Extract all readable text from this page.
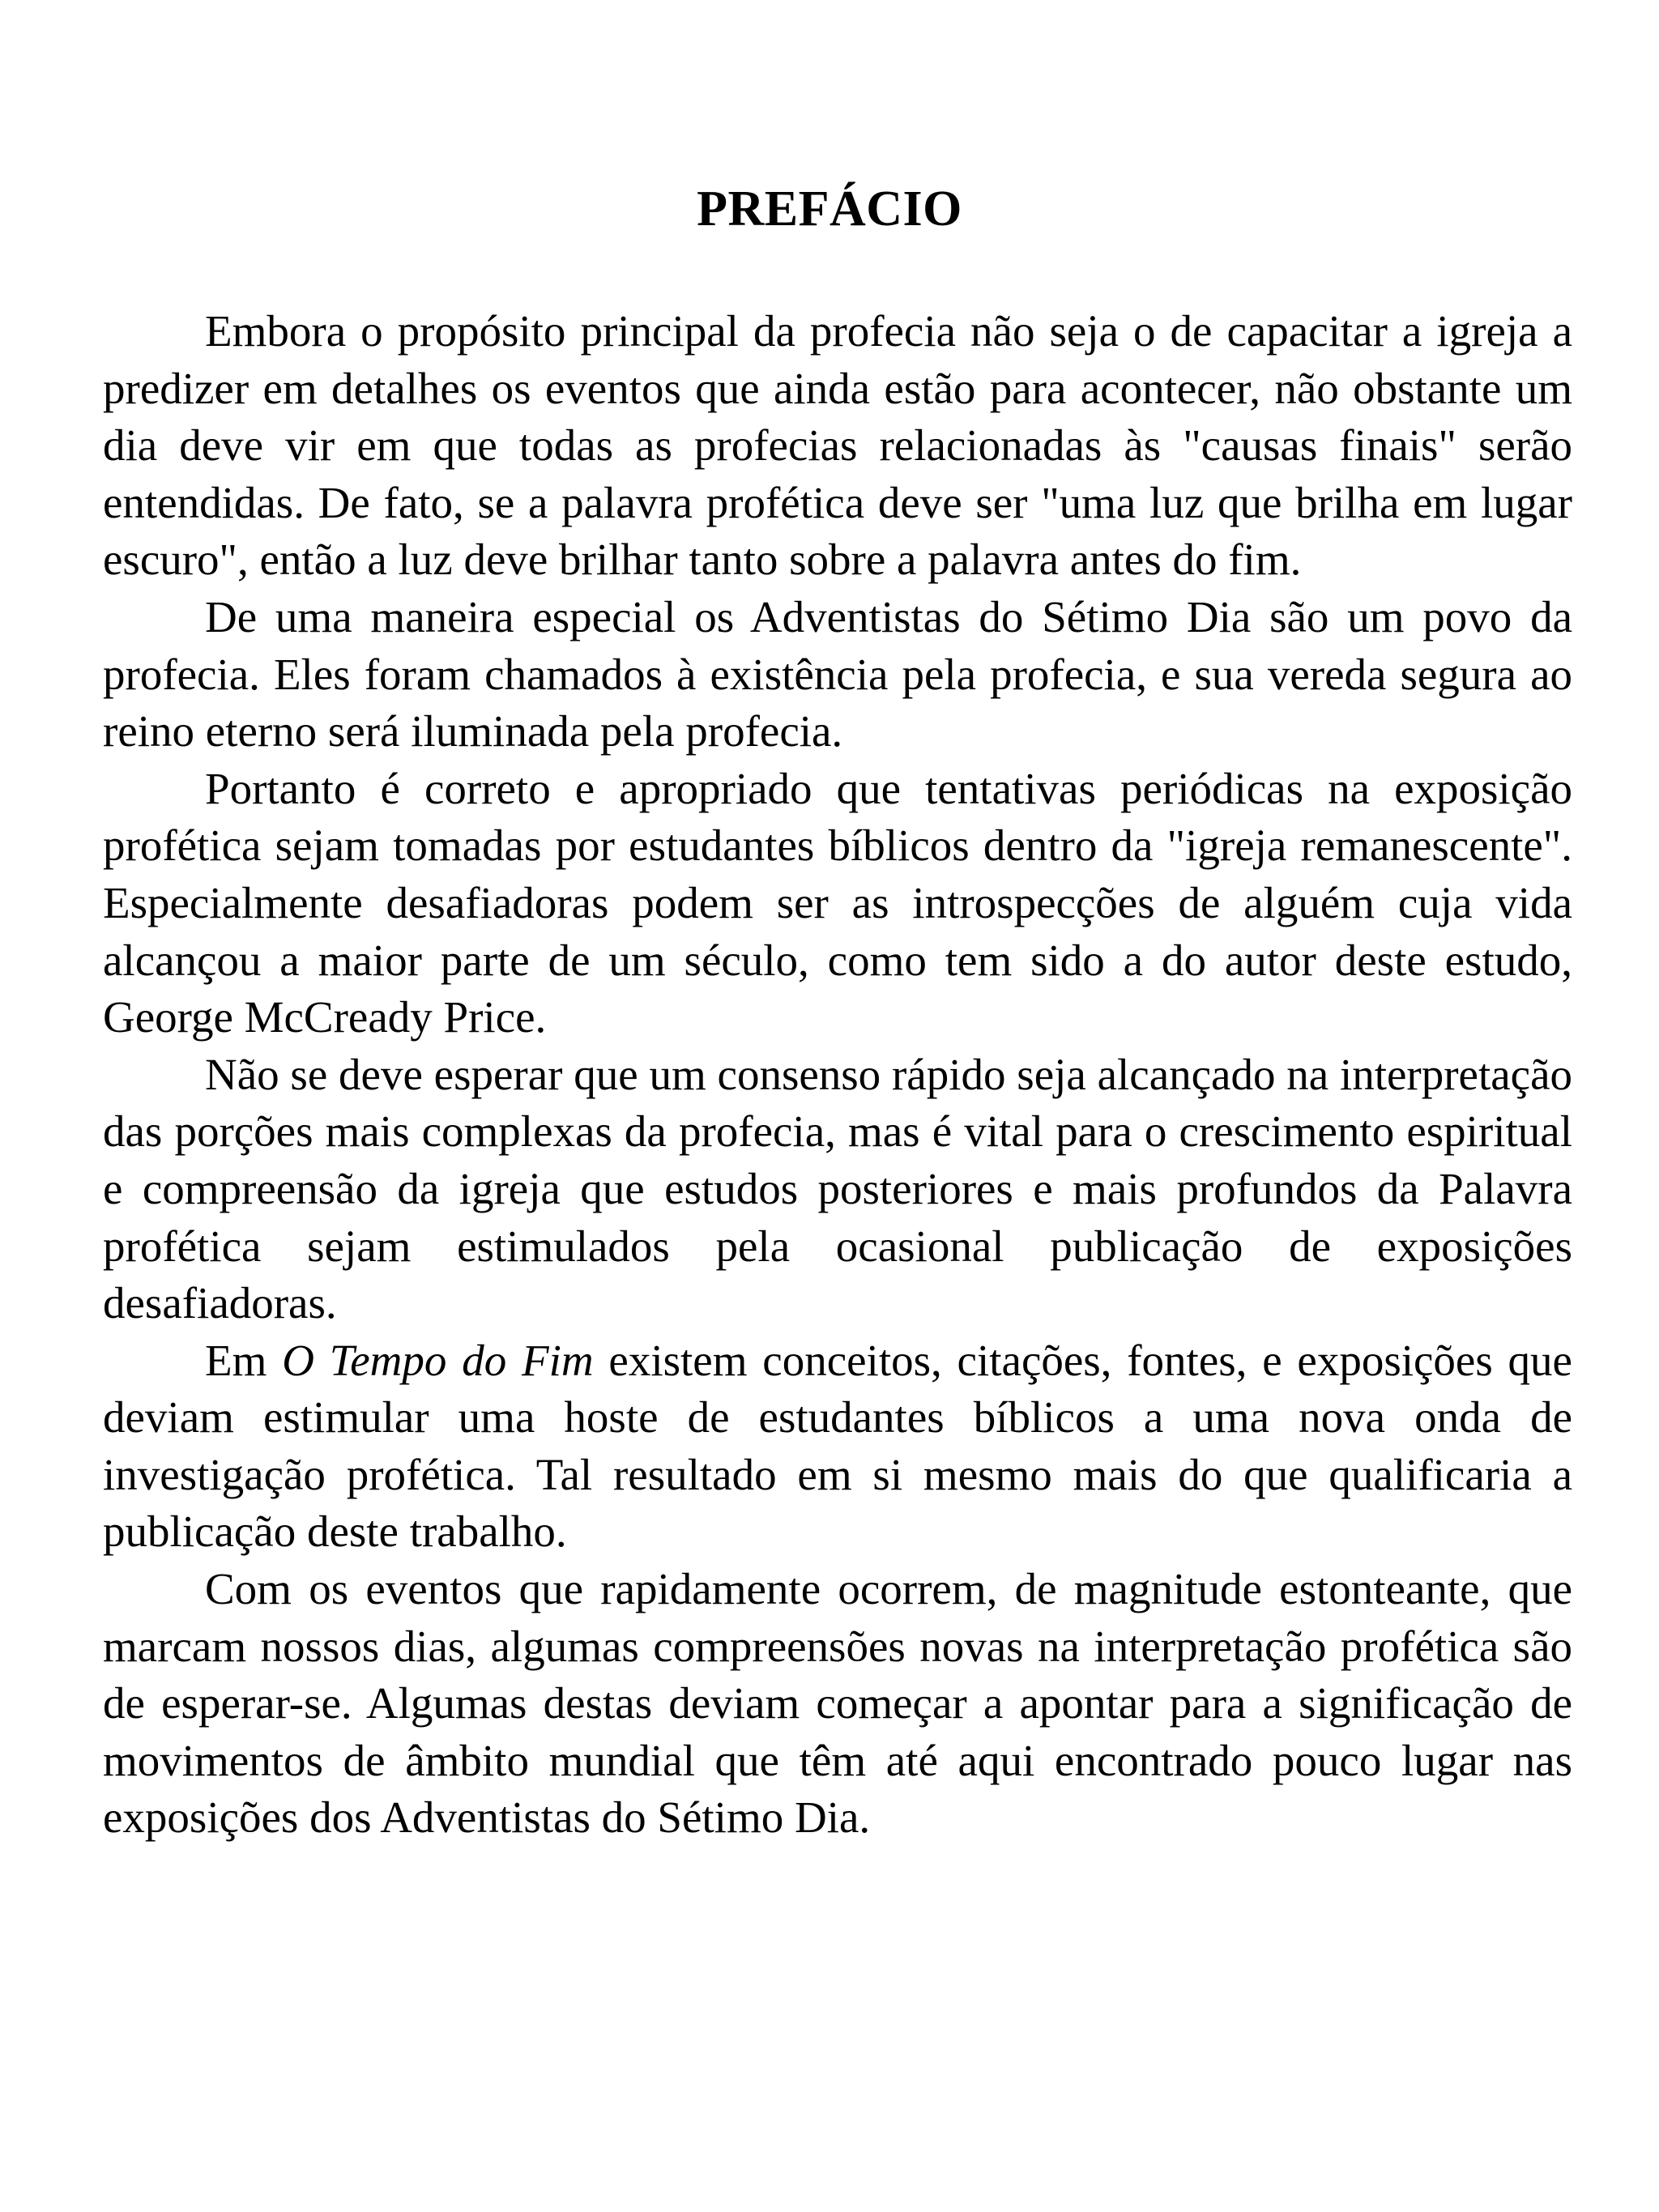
PREFÁCIO

Embora o propósito principal da profecia não seja o de capacitar a igreja a predizer em detalhes os eventos que ainda estão para acontecer, não obstante um dia deve vir em que todas as profecias relacionadas às "causas finais" serão entendidas. De fato, se a palavra profética deve ser "uma luz que brilha em lugar escuro", então a luz deve brilhar tanto sobre a palavra antes do fim.

De uma maneira especial os Adventistas do Sétimo Dia são um povo da profecia. Eles foram chamados à existência pela profecia, e sua vereda segura ao reino eterno será iluminada pela profecia.

Portanto é correto e apropriado que tentativas periódicas na exposição profética sejam tomadas por estudantes bíblicos dentro da "igreja remanescente". Especialmente desafiadoras podem ser as introspecções de alguém cuja vida alcançou a maior parte de um século, como tem sido a do autor deste estudo, George McCready Price.

Não se deve esperar que um consenso rápido seja alcançado na interpretação das porções mais complexas da profecia, mas é vital para o crescimento espiritual e compreensão da igreja que estudos posteriores e mais profundos da Palavra profética sejam estimulados pela ocasional publicação de exposições desafiadoras.

Em O Tempo do Fim existem conceitos, citações, fontes, e exposições que deviam estimular uma hoste de estudantes bíblicos a uma nova onda de investigação profética. Tal resultado em si mesmo mais do que qualificaria a publicação deste trabalho.

Com os eventos que rapidamente ocorrem, de magnitude estonteante, que marcam nossos dias, algumas compreensões novas na interpretação profética são de esperar-se. Algumas destas deviam começar a apontar para a significação de movimentos de âmbito mundial que têm até aqui encontrado pouco lugar nas exposições dos Adventistas do Sétimo Dia.
